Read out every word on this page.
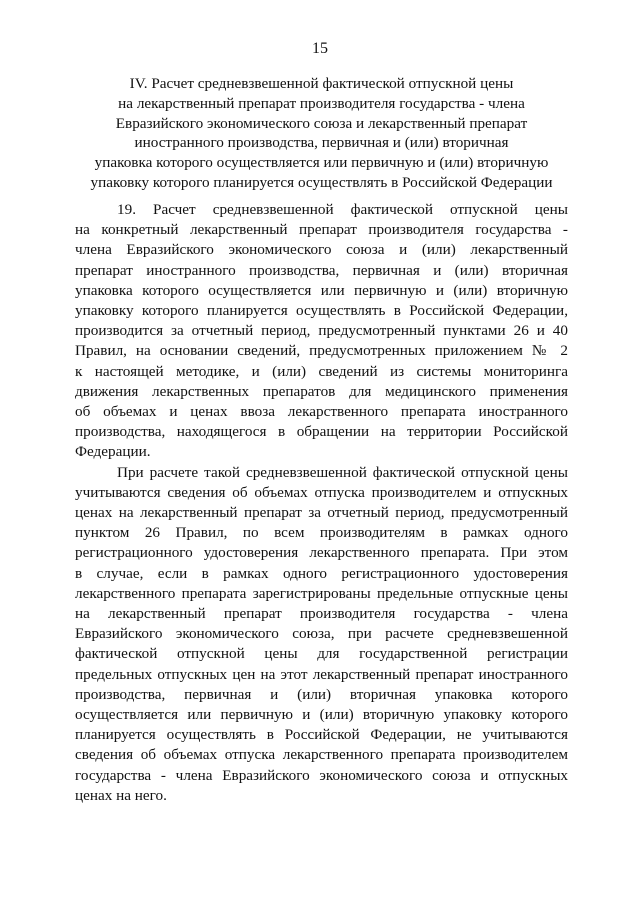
15
IV. Расчет средневзвешенной фактической отпускной цены
на лекарственный препарат производителя государства - члена
Евразийского экономического союза и лекарственный препарат
иностранного производства, первичная и (или) вторичная
упаковка которого осуществляется или первичную и (или) вторичную
упаковку которого планируется осуществлять в Российской Федерации

19. Расчет средневзвешенной фактической отпускной цены
на конкретный лекарственный препарат производителя государства -
члена Евразийского экономического союза и (или) лекарственный
препарат иностранного производства, первичная и (или) вторичная
упаковка которого осуществляется или первичную и (или) вторичную
упаковку которого планируется осуществлять в Российской Федерации,
производится за отчетный период, предусмотренный пунктами 26 и 40
Правил, на основании сведений, предусмотренных приложением № 2
к настоящей методике, и (или) сведений из системы мониторинга
движения лекарственных препаратов для медицинского применения
об объемах и ценах ввоза лекарственного препарата иностранного
производства, находящегося в обращении на территории Российской
Федерации.

При расчете такой средневзвешенной фактической отпускной цены
учитываются сведения об объемах отпуска производителем и отпускных
ценах на лекарственный препарат за отчетный период, предусмотренный
пунктом 26 Правил, по всем производителям в рамках одного
регистрационного удостоверения лекарственного препарата. При этом
в случае, если в рамках одного регистрационного удостоверения
лекарственного препарата зарегистрированы предельные отпускные цены
на лекарственный препарат производителя государства - члена
Евразийского экономического союза, при расчете средневзвешенной
фактической отпускной цены для государственной регистрации
предельных отпускных цен на этот лекарственный препарат иностранного
производства, первичная и (или) вторичная упаковка которого
осуществляется или первичную и (или) вторичную упаковку которого
планируется осуществлять в Российской Федерации, не учитываются
сведения об объемах отпуска лекарственного препарата производителем
государства - члена Евразийского экономического союза и отпускных
ценах на него.
